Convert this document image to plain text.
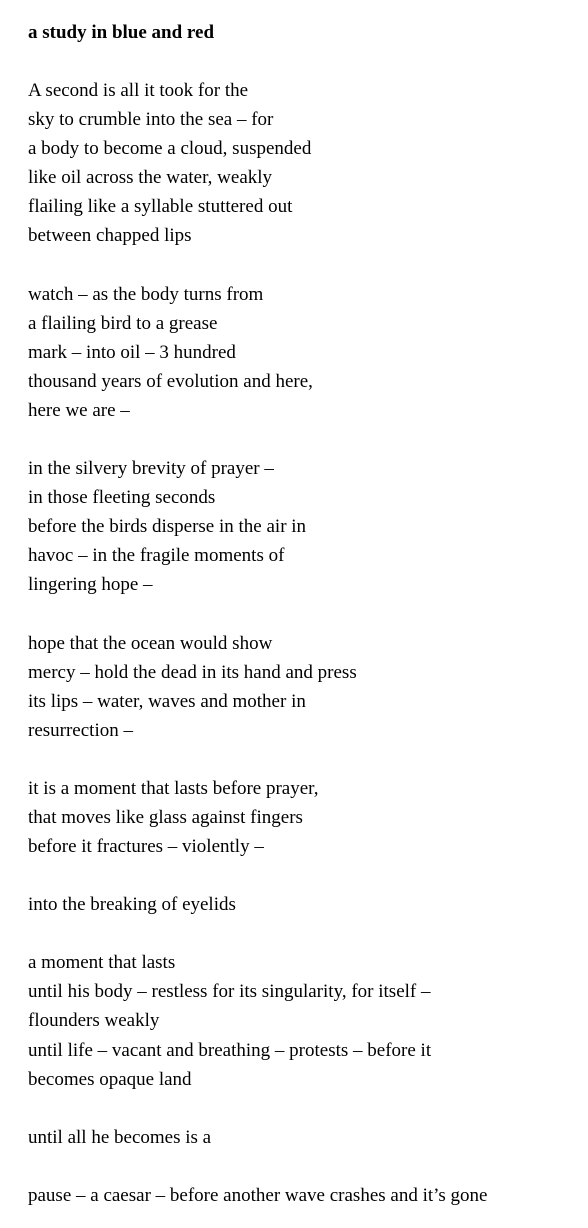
a study in blue and red
A second is all it took for the
sky to crumble into the sea – for
a body to become a cloud, suspended
like oil across the water, weakly
flailing like a syllable stuttered out
between chapped lips
watch – as the body turns from
a flailing bird to a grease
mark – into oil – 3 hundred
thousand years of evolution and here,
here we are –
in the silvery brevity of prayer –
in those fleeting seconds
before the birds disperse in the air in
havoc – in the fragile moments of
lingering hope –
hope that the ocean would show
mercy – hold the dead in its hand and press
its lips – water, waves and mother in
resurrection –
it is a moment that lasts before prayer,
that moves like glass against fingers
before it fractures – violently –
into the breaking of eyelids
a moment that lasts
until his body – restless for its singularity, for itself –
flounders weakly
until life – vacant and breathing – protests – before it
becomes opaque land
until all he becomes is a
pause – a caesar – before another wave crashes and it’s gone
